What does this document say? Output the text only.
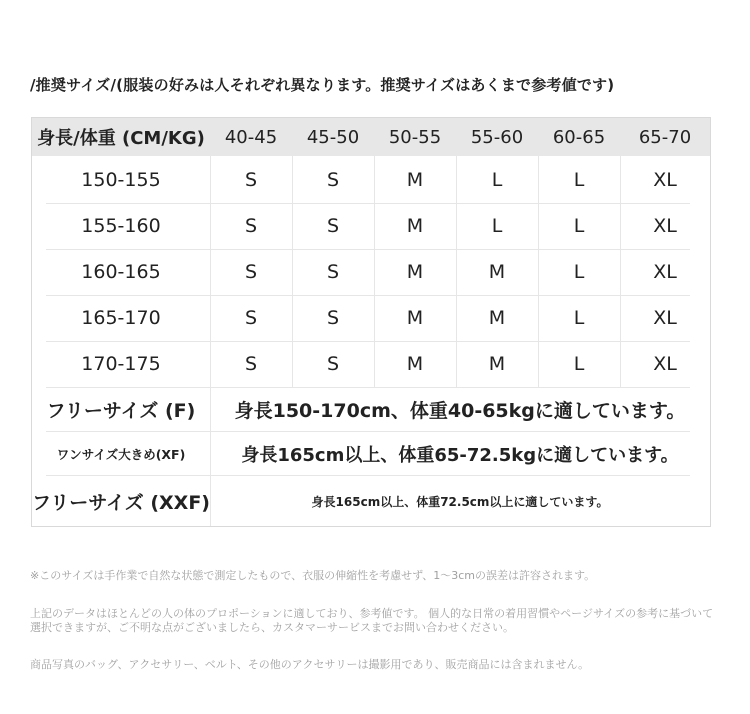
/推奨サイズ/(服装の好みは人それぞれ異なります。推奨サイズはあくまで参考値です)
身長/体重 (CM/KG)	40-45	45-50	50-55	55-60	60-65	65-70
150-155	S	S	M	L	L	XL
155-160	S	S	M	L	L	XL
160-165	S	S	M	M	L	XL
165-170	S	S	M	M	L	XL
170-175	S	S	M	M	L	XL
フリーサイズ (F)	身長150-170cm、体重40-65kgに適しています。
ワンサイズ大きめ(XF)	身長165cm以上、体重65-72.5kgに適しています。
フリーサイズ (XXF)	身長165cm以上、体重72.5cm以上に適しています。
※このサイズは手作業で自然な状態で測定したもので、衣服の伸縮性を考慮せず、1～3cmの誤差は許容されます。
上記のデータはほとんどの人の体のプロポーションに適しており、参考値です。 個人的な日常の着用習慣やページサイズの参考に基づいて選択できますが、ご不明な点がございましたら、カスタマーサービスまでお問い合わせください。
商品写真のバッグ、アクセサリー、ベルト、その他のアクセサリーは撮影用であり、販売商品には含まれません。
